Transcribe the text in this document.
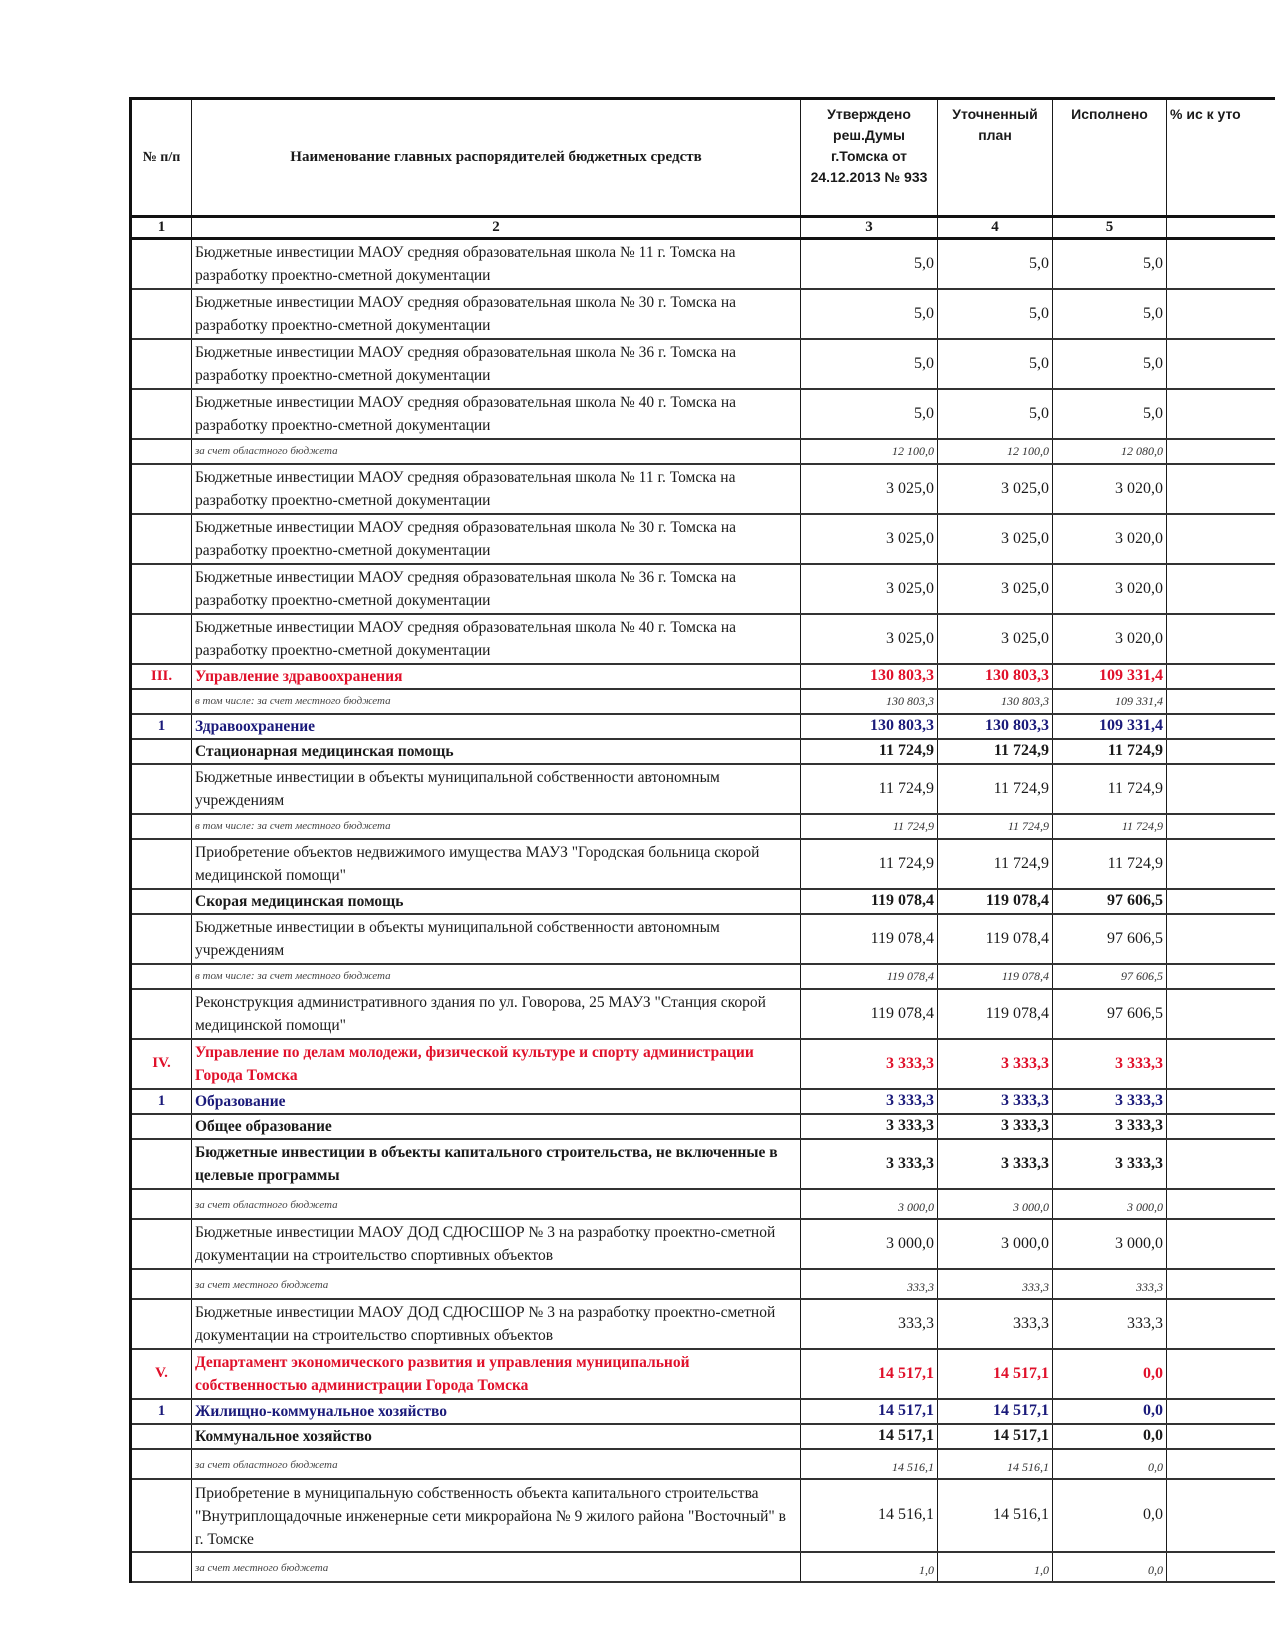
№ п/п	Наименование главных распорядителей бюджетных средств	Утверждено реш.Думы г.Томска от 24.12.2013 № 933	Уточненный план	Исполнено	% ис к уто
1	2	3	4	5	
	Бюджетные инвестиции МАОУ средняя образовательная школа № 11 г. Томска на разработку проектно-сметной документации	5,0	5,0	5,0	
	Бюджетные инвестиции МАОУ средняя образовательная школа № 30 г. Томска на разработку проектно-сметной документации	5,0	5,0	5,0	
	Бюджетные инвестиции МАОУ средняя образовательная школа № 36 г. Томска на разработку проектно-сметной документации	5,0	5,0	5,0	
	Бюджетные инвестиции МАОУ средняя образовательная школа № 40 г. Томска на разработку проектно-сметной документации	5,0	5,0	5,0	
	за счет областного бюджета	12 100,0	12 100,0	12 080,0	
	Бюджетные инвестиции МАОУ средняя образовательная школа № 11 г. Томска на разработку проектно-сметной документации	3 025,0	3 025,0	3 020,0	
	Бюджетные инвестиции МАОУ средняя образовательная школа № 30 г. Томска на разработку проектно-сметной документации	3 025,0	3 025,0	3 020,0	
	Бюджетные инвестиции МАОУ средняя образовательная школа № 36 г. Томска на разработку проектно-сметной документации	3 025,0	3 025,0	3 020,0	
	Бюджетные инвестиции МАОУ средняя образовательная школа № 40 г. Томска на разработку проектно-сметной документации	3 025,0	3 025,0	3 020,0	
III.	Управление здравоохранения	130 803,3	130 803,3	109 331,4	
	в том числе: за счет местного бюджета	130 803,3	130 803,3	109 331,4	
1	Здравоохранение	130 803,3	130 803,3	109 331,4	
	Стационарная медицинская помощь	11 724,9	11 724,9	11 724,9	
	Бюджетные инвестиции в объекты муниципальной собственности автономным учреждениям	11 724,9	11 724,9	11 724,9	
	в том числе: за счет местного бюджета	11 724,9	11 724,9	11 724,9	
	Приобретение объектов недвижимого имущества МАУЗ "Городская больница скорой медицинской помощи"	11 724,9	11 724,9	11 724,9	
	Скорая медицинская помощь	119 078,4	119 078,4	97 606,5	
	Бюджетные инвестиции в объекты муниципальной собственности автономным учреждениям	119 078,4	119 078,4	97 606,5	
	в том числе: за счет местного бюджета	119 078,4	119 078,4	97 606,5	
	Реконструкция административного здания по ул. Говорова, 25 МАУЗ "Станция скорой медицинской помощи"	119 078,4	119 078,4	97 606,5	
IV.	Управление по делам молодежи, физической культуре и спорту администрации Города Томска	3 333,3	3 333,3	3 333,3	
1	Образование	3 333,3	3 333,3	3 333,3	
	Общее образование	3 333,3	3 333,3	3 333,3	
	Бюджетные инвестиции в объекты капитального строительства, не включенные в целевые программы	3 333,3	3 333,3	3 333,3	
	за счет областного бюджета	3 000,0	3 000,0	3 000,0	
	Бюджетные инвестиции МАОУ ДОД СДЮСШОР № 3 на разработку проектно-сметной документации на строительство спортивных объектов	3 000,0	3 000,0	3 000,0	
	за счет местного бюджета	333,3	333,3	333,3	
	Бюджетные инвестиции МАОУ ДОД СДЮСШОР № 3 на разработку проектно-сметной документации на строительство спортивных объектов	333,3	333,3	333,3	
V.	Департамент экономического развития и управления муниципальной собственностью администрации Города Томска	14 517,1	14 517,1	0,0	
1	Жилищно-коммунальное хозяйство	14 517,1	14 517,1	0,0	
	Коммунальное хозяйство	14 517,1	14 517,1	0,0	
	за счет областного бюджета	14 516,1	14 516,1	0,0	
	Приобретение в муниципальную собственность объекта капитального строительства "Внутриплощадочные инженерные сети микрорайона № 9 жилого района "Восточный" в г. Томске	14 516,1	14 516,1	0,0	
	за счет местного бюджета	1,0	1,0	0,0	
